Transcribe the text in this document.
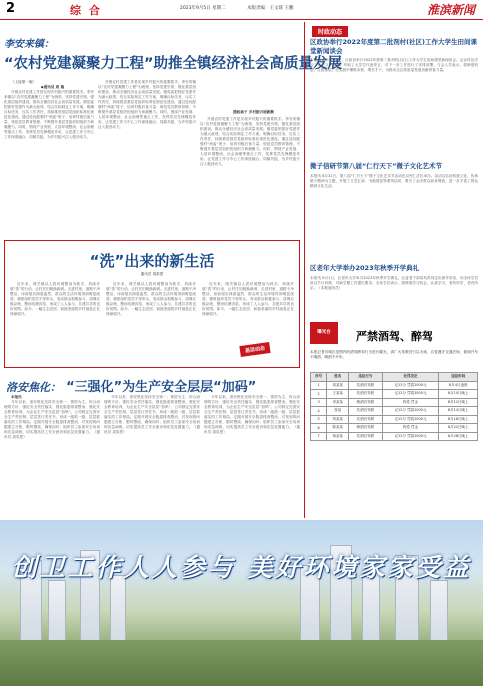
2	综 合	2023年9月5日 星期二	本版责编：王文联 王鹏	淮滨新闻
李安来镇：
“农村党建凝聚力工程”助推全镇经济社会高质量发展

（上接第一版）

◆通讯员 周 瑞

开展农村党建工作是实现乡村振兴的重要抓手。李安来镇以“农村党建凝聚力工程”为统领，坚持党建引领，强化基层组织建设，推动全镇经济社会高质量发展。镇党委把抓好党建作为最大政绩，结合实际制定工作方案，明确目标任务，压实工作责任，持续推进基层党组织标准化规范化建设。通过选优配强村“两委”班子、培育村级后备力量、规范党员教育管理，不断提升基层党组织的组织力和凝聚力。同时，围绕产业发展、人居环境整治、社会治理等重点工作，发挥党员先锋模范作用，让党建工作与中心工作深度融合、同频共振，为乡村振兴注入强劲动力。

开展农村党建工作是实现乡村振兴的重要抓手。李安来镇以“农村党建凝聚力工程”为统领，坚持党建引领，强化基层组织建设，推动全镇经济社会高质量发展。镇党委把抓好党建作为最大政绩，结合实际制定工作方案，明确目标任务，压实工作责任，持续推进基层党组织标准化规范化建设。通过选优配强村“两委”班子、培育村级后备力量、规范党员教育管理，不断提升基层党组织的组织力和凝聚力。同时，围绕产业发展、人居环境整治、社会治理等重点工作，发挥党员先锋模范作用，让党建工作与中心工作深度融合、同频共振，为乡村振兴注入强劲动力。

撸起袖子 乡村振兴展新颜

开展农村党建工作是实现乡村振兴的重要抓手。李安来镇以“农村党建凝聚力工程”为统领，坚持党建引领，强化基层组织建设，推动全镇经济社会高质量发展。镇党委把抓好党建作为最大政绩，结合实际制定工作方案，明确目标任务，压实工作责任，持续推进基层党组织标准化规范化建设。通过选优配强村“两委”班子、培育村级后备力量、规范党员教育管理，不断提升基层党组织的组织力和凝聚力。同时，围绕产业发展、人居环境整治、社会治理等重点工作，发挥党员先锋模范作用，让党建工作与中心工作深度融合、同频共振，为乡村振兴注入强劲动力。

“洗”出来的新生活
通讯员 周泰恩

近年来，城关镇以人居环境整治为抓手，持续开展“洗”的行动，让村庄旧貌换新颜。走进村里，道路干净整洁，房前屋后绿意盎然，群众的生活环境得到明显改善。镇里组织党员干部带头，发动群众积极参与，清理垃圾杂物、整治坑塘沟渠，形成了人人参与、共建共享的良好氛围。如今，一幅生态宜居、和谐美丽的乡村画卷正在徐徐展开。

近年来，城关镇以人居环境整治为抓手，持续开展“洗”的行动，让村庄旧貌换新颜。走进村里，道路干净整洁，房前屋后绿意盎然，群众的生活环境得到明显改善。镇里组织党员干部带头，发动群众积极参与，清理垃圾杂物、整治坑塘沟渠，形成了人人参与、共建共享的良好氛围。如今，一幅生态宜居、和谐美丽的乡村画卷正在徐徐展开。

近年来，城关镇以人居环境整治为抓手，持续开展“洗”的行动，让村庄旧貌换新颜。走进村里，道路干净整洁，房前屋后绿意盎然，群众的生活环境得到明显改善。镇里组织党员干部带头，发动群众积极参与，清理垃圾杂物、整治坑塘沟渠，形成了人人参与、共建共享的良好氛围。如今，一幅生态宜居、和谐美丽的乡村画卷正在徐徐展开。

基层动态
洛安焦化： “三强化”为生产安全层层“加码”

本报讯

今年以来，洛安焦化坚持安全第一、预防为主、综合治理的方针，强化安全责任落实、强化隐患排查整治、强化安全教育培训，为企业生产安全层层“加码”。公司制定完善安全生产责任制，层层签订责任书，形成一级抓一级、层层抓落实的工作格局。定期开展安全隐患排查整治，对发现的问题建立台账、限时整改、确保闭环；组织员工参加安全培训和应急演练，切实提高员工安全意识和应急处置能力。（通讯员 周泰恩）

今年以来，洛安焦化坚持安全第一、预防为主、综合治理的方针，强化安全责任落实、强化隐患排查整治、强化安全教育培训，为企业生产安全层层“加码”。公司制定完善安全生产责任制，层层签订责任书，形成一级抓一级、层层抓落实的工作格局。定期开展安全隐患排查整治，对发现的问题建立台账、限时整改、确保闭环；组织员工参加安全培训和应急演练，切实提高员工安全意识和应急处置能力。（通讯员 周泰恩）

今年以来，洛安焦化坚持安全第一、预防为主、综合治理的方针，强化安全责任落实、强化隐患排查整治、强化安全教育培训，为企业生产安全层层“加码”。公司制定完善安全生产责任制，层层签订责任书，形成一级抓一级、层层抓落实的工作格局。定期开展安全隐患排查整治，对发现的问题建立台账、限时整改、确保闭环；组织员工参加安全培训和应急演练，切实提高员工安全意识和应急处置能力。（通讯员 周泰恩）

时政动态
区政协举行2022年度第二批剂村(社区)工作大学生田间课堂新闻谈会
本报讯 9月4日上午，区政协举行2022年度第二批剂村(社区)工作大学生田间课堂新闻谈会。会议传达学习了有关文件精神，听取了大学生代表发言，对下一步工作进行了安排部署。与会人员表示，将珍惜机会，扎根基层，在实践中锤炼本领、增长才干，为推动全区高质量发展贡献青春力量。
微子信研节第八届“仁行天下”微子文化艺术节
本报讯 8月31日，第八届“仁行天下”微子文化艺术节活动在汉州仁济区举办。活动以弘扬传统文化、传承微子精神为主题，开展了文艺汇演、书画展览等系列活动，吸引了众多群众前来观看，进一步丰富了群众精神文化生活。
区老年大学举办2023年秋季开学典礼
本报讯 9月1日，区老年大学举办2023年秋季开学典礼。区委老干部局负责同志出席并讲话，向全体学员致以节日问候，对新学期工作提出要求。全体学员表示，将珍惜学习机会，认真学习，老有所学、老有所乐。（本报通讯员）
曝光台	严禁酒驾、醉驾
本报记者对城区范围内的酒驾醉驾行为进行曝光，请广大驾驶员引以为戒，自觉遵守交通法规，做到开车不喝酒、喝酒不开车。
序号	姓名	违法行为	处罚决定	违法时间
1	周某某	饮酒后驾驶	记12分 罚款2000元	8月4日凌晨
2	王某某	饮酒后驾驶	记12分 罚款2000元	8月10日晚上
3	李某某	醉酒后驾驶	拘役 罚金	8月12日晚上
4	张某	饮酒后驾驶	记12分 罚款2000元	8月14日晚上
5	刘某某	饮酒后驾驶	记12分 罚款2000元	8月18日晚上
6	陈某某	醉酒后驾驶	拘役 罚金	8月22日晚上
7	杨某某	饮酒后驾驶	记12分 罚款2000元	8月26日晚上
创卫工作人人参与 美好环境家家受益
